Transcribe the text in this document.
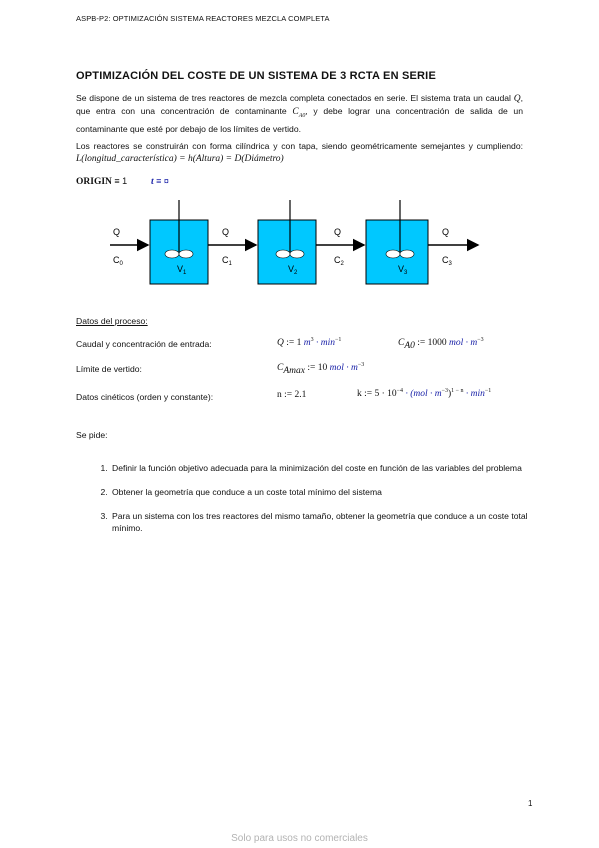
ASPB-P2: OPTIMIZACIÓN SISTEMA REACTORES MEZCLA COMPLETA
OPTIMIZACIÓN DEL COSTE DE UN SISTEMA DE 3 RCTA EN SERIE
Se dispone de un sistema de tres reactores de mezcla completa conectados en serie. El sistema trata un caudal Q, que entra con una concentración de contaminante $C_{A0}$, y debe lograr una concentración de salida de un contaminante que esté por debajo de los límites de vertido.
Los reactores se construirán con forma cilíndrica y con tapa, siendo geométricamente semejantes y cumpliendo: L(longitud_característica) = h(Altura) = D(Diámetro)
ORIGIN ≡ 1	t ≡ ¤
Q
$C_0$
Q
$C_1$
Q
$C_2$
Q
$C_3$
$V_1$	$V_2$	$V_3$
Datos del proceso:
Caudal y concentración de entrada:	Q := 1 $m^3 \cdot \min^{-1}$	$C_{A0}$ := 1000 mol · $m^{-3}$
Límite de vertido:	$C_{Amax}$ := 10 mol · $m^{-3}$
Datos cinéticos (orden y constante):	n := 2.1	k := $5 \cdot 10^{-4} \cdot (mol \cdot m^{-3})^{1 - n} \cdot \min^{-1}$
Se pide:
1. Definir la función objetivo adecuada para la minimización del coste en función de las variables del problema
2. Obtener la geometría que conduce a un coste total mínimo del sistema
3. Para un sistema con los tres reactores del mismo tamaño, obtener la geometría que conduce a un coste total mínimo.
1
Solo para usos no comerciales
